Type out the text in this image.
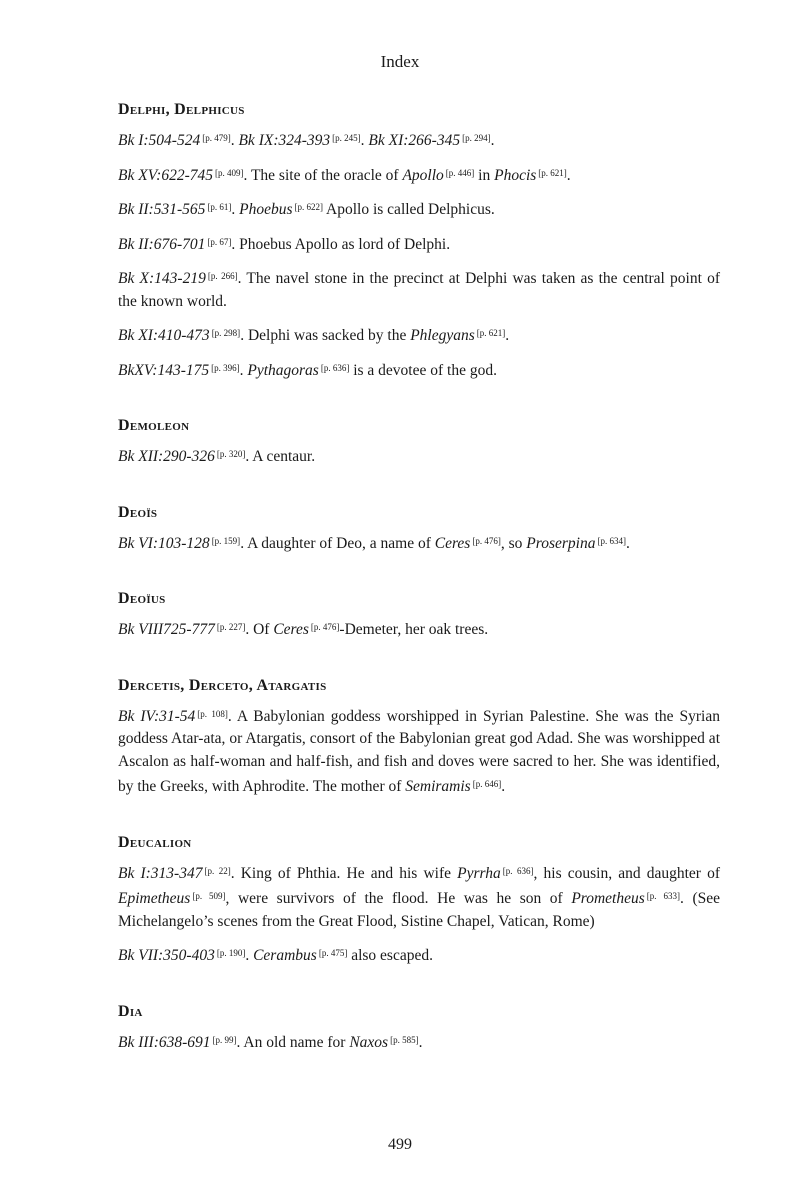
Index
Delphi, Delphicus

Bk I:504-524 [p. 479]. Bk IX:324-393 [p. 245]. Bk XI:266-345 [p. 294].

Bk XV:622-745 [p. 409]. The site of the oracle of Apollo [p. 446] in Phocis [p. 621].

Bk II:531-565 [p. 61]. Phoebus [p. 622] Apollo is called Delphicus.

Bk II:676-701 [p. 67]. Phoebus Apollo as lord of Delphi.

Bk X:143-219 [p. 266]. The navel stone in the precinct at Delphi was taken as the central point of the known world.

Bk XI:410-473 [p. 298]. Delphi was sacked by the Phlegyans [p. 621].

BkXV:143-175 [p. 396]. Pythagoras [p. 636] is a devotee of the god.

Demoleon

Bk XII:290-326 [p. 320]. A centaur.

Deoïs

Bk VI:103-128 [p. 159]. A daughter of Deo, a name of Ceres [p. 476], so Proserpina [p. 634].

Deoïus

Bk VIII725-777 [p. 227]. Of Ceres [p. 476]-Demeter, her oak trees.

Dercetis, Derceto, Atargatis

Bk IV:31-54 [p. 108]. A Babylonian goddess worshipped in Syrian Palestine. She was the Syrian goddess Atar-ata, or Atargatis, consort of the Babylonian great god Adad. She was worshipped at Ascalon as half-woman and half-fish, and fish and doves were sacred to her. She was identified, by the Greeks, with Aphrodite. The mother of Semiramis [p. 646].

Deucalion

Bk I:313-347 [p. 22]. King of Phthia. He and his wife Pyrrha [p. 636], his cousin, and daughter of Epimetheus [p. 509], were survivors of the flood. He was he son of Prometheus [p. 633]. (See Michelangelo’s scenes from the Great Flood, Sistine Chapel, Vatican, Rome)

Bk VII:350-403 [p. 190]. Cerambus [p. 475] also escaped.

Dia

Bk III:638-691 [p. 99]. An old name for Naxos [p. 585].

499
